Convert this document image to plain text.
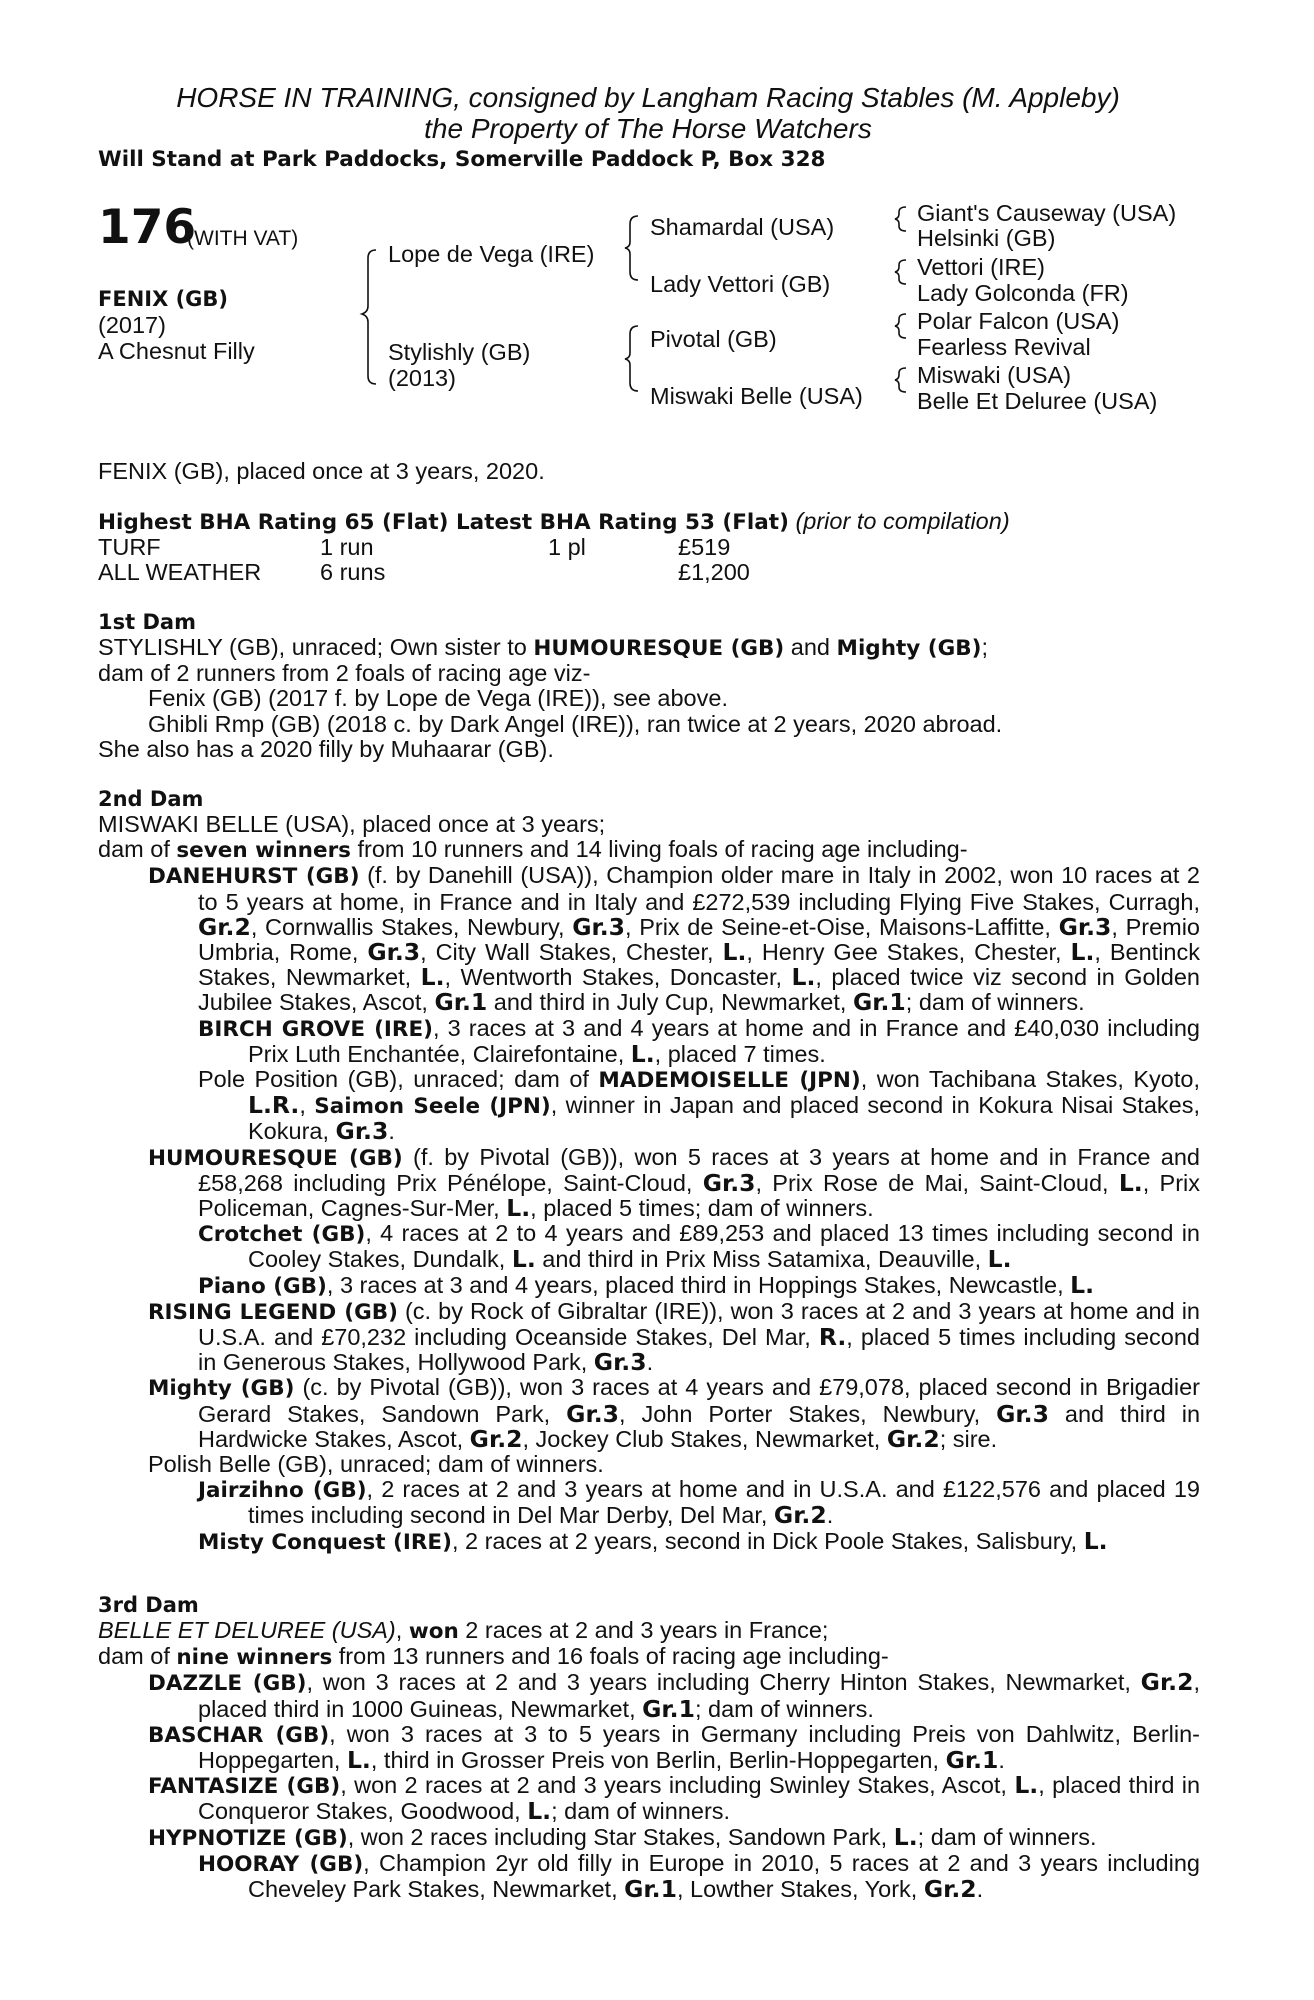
HORSE IN TRAINING, consigned by Langham Racing Stables (M. Appleby)
the Property of The Horse Watchers
Will Stand at Park Paddocks, Somerville Paddock P, Box 328
176
(WITH VAT)
FENIX (GB)
(2017)
A Chesnut Filly
Lope de Vega (IRE)
Stylishly (GB)
(2013)
Shamardal (USA)
Lady Vettori (GB)
Pivotal (GB)
Miswaki Belle (USA)
Giant's Causeway (USA)
Helsinki (GB)
Vettori (IRE)
Lady Golconda (FR)
Polar Falcon (USA)
Fearless Revival
Miswaki (USA)
Belle Et Deluree (USA)

FENIX (GB), placed once at 3 years, 2020.

Highest BHA Rating 65 (Flat) Latest BHA Rating 53 (Flat) (prior to compilation)

TURF	1 run	1 pl	£519
ALL WEATHER	6 runs		£1,200

1st Dam

STYLISHLY (GB), unraced; Own sister to HUMOURESQUE (GB) and Mighty (GB);

dam of 2 runners from 2 foals of racing age viz-

Fenix (GB) (2017 f. by Lope de Vega (IRE)), see above.

Ghibli Rmp (GB) (2018 c. by Dark Angel (IRE)), ran twice at 2 years, 2020 abroad.

She also has a 2020 filly by Muhaarar (GB).

2nd Dam

MISWAKI BELLE (USA), placed once at 3 years;

dam of seven winners from 10 runners and 14 living foals of racing age including-

DANEHURST (GB) (f. by Danehill (USA)), Champion older mare in Italy in 2002, won 10 races at 2 to 5 years at home, in France and in Italy and £272,539 including Flying Five Stakes, Curragh, Gr.2, Cornwallis Stakes, Newbury, Gr.3, Prix de Seine-et-Oise, Maisons-Laffitte, Gr.3, Premio Umbria, Rome, Gr.3, City Wall Stakes, Chester, L., Henry Gee Stakes, Chester, L., Bentinck Stakes, Newmarket, L., Wentworth Stakes, Doncaster, L., placed twice viz second in Golden Jubilee Stakes, Ascot, Gr.1 and third in July Cup, Newmarket, Gr.1; dam of winners.

BIRCH GROVE (IRE), 3 races at 3 and 4 years at home and in France and £40,030 including Prix Luth Enchantée, Clairefontaine, L., placed 7 times.

Pole Position (GB), unraced; dam of MADEMOISELLE (JPN), won Tachibana Stakes, Kyoto, L.R., Saimon Seele (JPN), winner in Japan and placed second in Kokura Nisai Stakes, Kokura, Gr.3.

HUMOURESQUE (GB) (f. by Pivotal (GB)), won 5 races at 3 years at home and in France and £58,268 including Prix Pénélope, Saint-Cloud, Gr.3, Prix Rose de Mai, Saint-Cloud, L., Prix Policeman, Cagnes-Sur-Mer, L., placed 5 times; dam of winners.

Crotchet (GB), 4 races at 2 to 4 years and £89,253 and placed 13 times including second in Cooley Stakes, Dundalk, L. and third in Prix Miss Satamixa, Deauville, L.

Piano (GB), 3 races at 3 and 4 years, placed third in Hoppings Stakes, Newcastle, L.

RISING LEGEND (GB) (c. by Rock of Gibraltar (IRE)), won 3 races at 2 and 3 years at home and in U.S.A. and £70,232 including Oceanside Stakes, Del Mar, R., placed 5 times including second in Generous Stakes, Hollywood Park, Gr.3.

Mighty (GB) (c. by Pivotal (GB)), won 3 races at 4 years and £79,078, placed second in Brigadier Gerard Stakes, Sandown Park, Gr.3, John Porter Stakes, Newbury, Gr.3 and third in Hardwicke Stakes, Ascot, Gr.2, Jockey Club Stakes, Newmarket, Gr.2; sire.

Polish Belle (GB), unraced; dam of winners.

Jairzihno (GB), 2 races at 2 and 3 years at home and in U.S.A. and £122,576 and placed 19 times including second in Del Mar Derby, Del Mar, Gr.2.

Misty Conquest (IRE), 2 races at 2 years, second in Dick Poole Stakes, Salisbury, L.

3rd Dam

BELLE ET DELUREE (USA), won 2 races at 2 and 3 years in France;

dam of nine winners from 13 runners and 16 foals of racing age including-

DAZZLE (GB), won 3 races at 2 and 3 years including Cherry Hinton Stakes, Newmarket, Gr.2, placed third in 1000 Guineas, Newmarket, Gr.1; dam of winners.

BASCHAR (GB), won 3 races at 3 to 5 years in Germany including Preis von Dahlwitz, Berlin-Hoppegarten, L., third in Grosser Preis von Berlin, Berlin-Hoppegarten, Gr.1.

FANTASIZE (GB), won 2 races at 2 and 3 years including Swinley Stakes, Ascot, L., placed third in Conqueror Stakes, Goodwood, L.; dam of winners.

HYPNOTIZE (GB), won 2 races including Star Stakes, Sandown Park, L.; dam of winners.

HOORAY (GB), Champion 2yr old filly in Europe in 2010, 5 races at 2 and 3 years including Cheveley Park Stakes, Newmarket, Gr.1, Lowther Stakes, York, Gr.2.
